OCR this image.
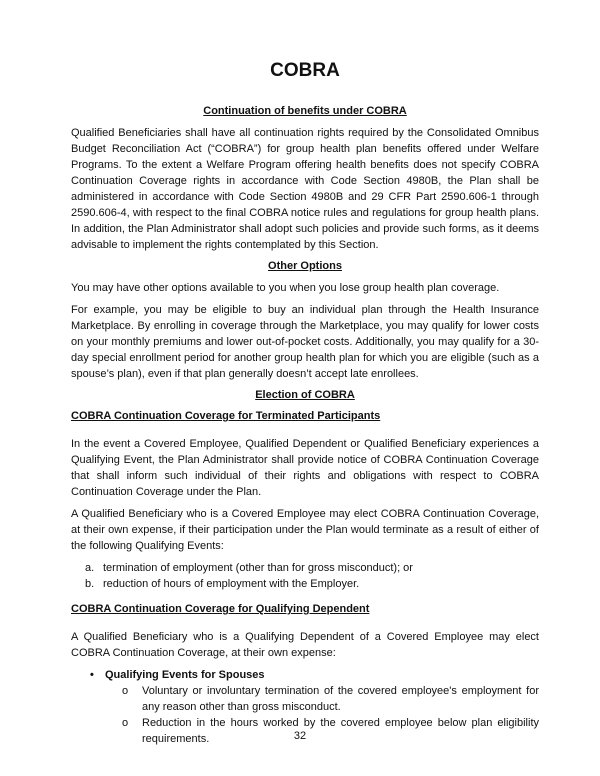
COBRA
Continuation of benefits under COBRA

Qualified Beneficiaries shall have all continuation rights required by the Consolidated Omnibus Budget Reconciliation Act (“COBRA”) for group health plan benefits offered under Welfare Programs. To the extent a Welfare Program offering health benefits does not specify COBRA Continuation Coverage rights in accordance with Code Section 4980B, the Plan shall be administered in accordance with Code Section 4980B and 29 CFR Part 2590.606-1 through 2590.606-4, with respect to the final COBRA notice rules and regulations for group health plans. In addition, the Plan Administrator shall adopt such policies and provide such forms, as it deems advisable to implement the rights contemplated by this Section.

Other Options

You may have other options available to you when you lose group health plan coverage.

For example, you may be eligible to buy an individual plan through the Health Insurance Marketplace. By enrolling in coverage through the Marketplace, you may qualify for lower costs on your monthly premiums and lower out-of-pocket costs. Additionally, you may qualify for a 30-day special enrollment period for another group health plan for which you are eligible (such as a spouse’s plan), even if that plan generally doesn’t accept late enrollees.

Election of COBRA
COBRA Continuation Coverage for Terminated Participants

In the event a Covered Employee, Qualified Dependent or Qualified Beneficiary experiences a Qualifying Event, the Plan Administrator shall provide notice of COBRA Continuation Coverage that shall inform such individual of their rights and obligations with respect to COBRA Continuation Coverage under the Plan.

A Qualified Beneficiary who is a Covered Employee may elect COBRA Continuation Coverage, at their own expense, if their participation under the Plan would terminate as a result of either of the following Qualifying Events:

a. termination of employment (other than for gross misconduct); or
b. reduction of hours of employment with the Employer.
COBRA Continuation Coverage for Qualifying Dependent

A Qualified Beneficiary who is a Qualifying Dependent of a Covered Employee may elect COBRA Continuation Coverage, at their own expense:

• Qualifying Events for Spouses
o Voluntary or involuntary termination of the covered employee's employment for any reason other than gross misconduct.
o Reduction in the hours worked by the covered employee below plan eligibility requirements.	32
